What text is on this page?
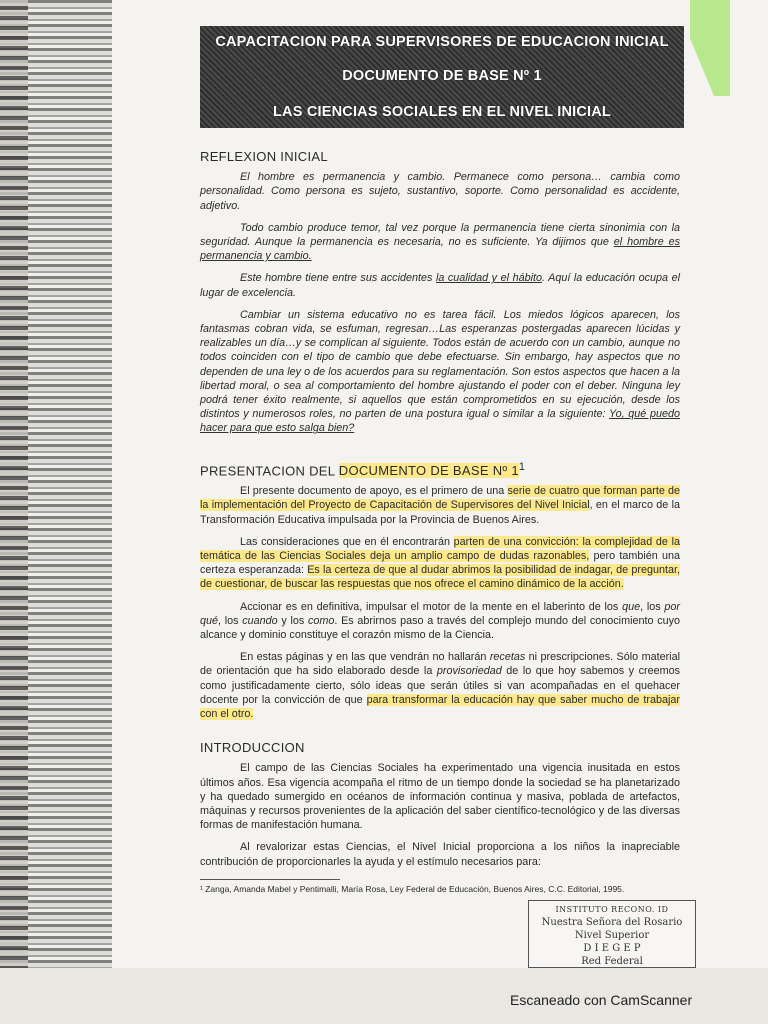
CAPACITACION PARA SUPERVISORES DE EDUCACION INICIAL
DOCUMENTO DE BASE Nº 1
LAS CIENCIAS SOCIALES EN EL NIVEL INICIAL
REFLEXION INICIAL

El hombre es permanencia y cambio. Permanece como persona… cambia como personalidad. Como persona es sujeto, sustantivo, soporte. Como personalidad es accidente, adjetivo.

Todo cambio produce temor, tal vez porque la permanencia tiene cierta sinonimia con la seguridad. Aunque la permanencia es necesaria, no es suficiente. Ya dijimos que el hombre es permanencia y cambio.

Este hombre tiene entre sus accidentes la cualidad y el hábito. Aquí la educación ocupa el lugar de excelencia.

Cambiar un sistema educativo no es tarea fácil. Los miedos lógicos aparecen, los fantasmas cobran vida, se esfuman, regresan…Las esperanzas postergadas aparecen lúcidas y realizables un día…y se complican al siguiente. Todos están de acuerdo con un cambio, aunque no todos coinciden con el tipo de cambio que debe efectuarse. Sin embargo, hay aspectos que no dependen de una ley o de los acuerdos para su reglamentación. Son estos aspectos que hacen a la libertad moral, o sea al comportamiento del hombre ajustando el poder con el deber. Ninguna ley podrá tener éxito realmente, si aquellos que están comprometidos en su ejecución, desde los distintos y numerosos roles, no parten de una postura igual o similar a la siguiente: Yo, qué puedo hacer para que esto salga bien?

PRESENTACION DEL DOCUMENTO DE BASE Nº $1^1$

El presente documento de apoyo, es el primero de una serie de cuatro que forman parte de la implementación del Proyecto de Capacitación de Supervisores del Nivel Inicial, en el marco de la Transformación Educativa impulsada por la Provincia de Buenos Aires.

Las consideraciones que en él encontrarán parten de una convicción: la complejidad de la temática de las Ciencias Sociales deja un amplio campo de dudas razonables, pero también una certeza esperanzada: Es la certeza de que al dudar abrimos la posibilidad de indagar, de preguntar, de cuestionar, de buscar las respuestas que nos ofrece el camino dinámico de la acción.

Accionar es en definitiva, impulsar el motor de la mente en el laberinto de los que, los por qué, los cuando y los como. Es abrirnos paso a través del complejo mundo del conocimiento cuyo alcance y dominio constituye el corazón mismo de la Ciencia.

En estas páginas y en las que vendrán no hallarán recetas ni prescripciones. Sólo material de orientación que ha sido elaborado desde la provisoriedad de lo que hoy sabemos y creemos como justificadamente cierto, sólo ideas que serán útiles si van acompañadas en el quehacer docente por la convicción de que para transformar la educación hay que saber mucho de trabajar con el otro.

INTRODUCCION

El campo de las Ciencias Sociales ha experimentado una vigencia inusitada en estos últimos años. Esa vigencia acompaña el ritmo de un tiempo donde la sociedad se ha planetarizado y ha quedado sumergido en océanos de información continua y masiva, poblada de artefactos, máquinas y recursos provenientes de la aplicación del saber científico-tecnológico y de las diversas formas de manifestación humana.

Al revalorizar estas Ciencias, el Nivel Inicial proporciona a los niños la inapreciable contribución de proporcionarles la ayuda y el estímulo necesarios para:

¹ Zanga, Amanda Mabel y Pentimalli, María Rosa, Ley Federal de Educación, Buenos Aires, C.C. Editorial, 1995.

INSTITUTO RECONO. ID
Nuestra Señora del Rosario
Nivel Superior
D I E G E P
Red Federal
Escaneado con CamScanner
